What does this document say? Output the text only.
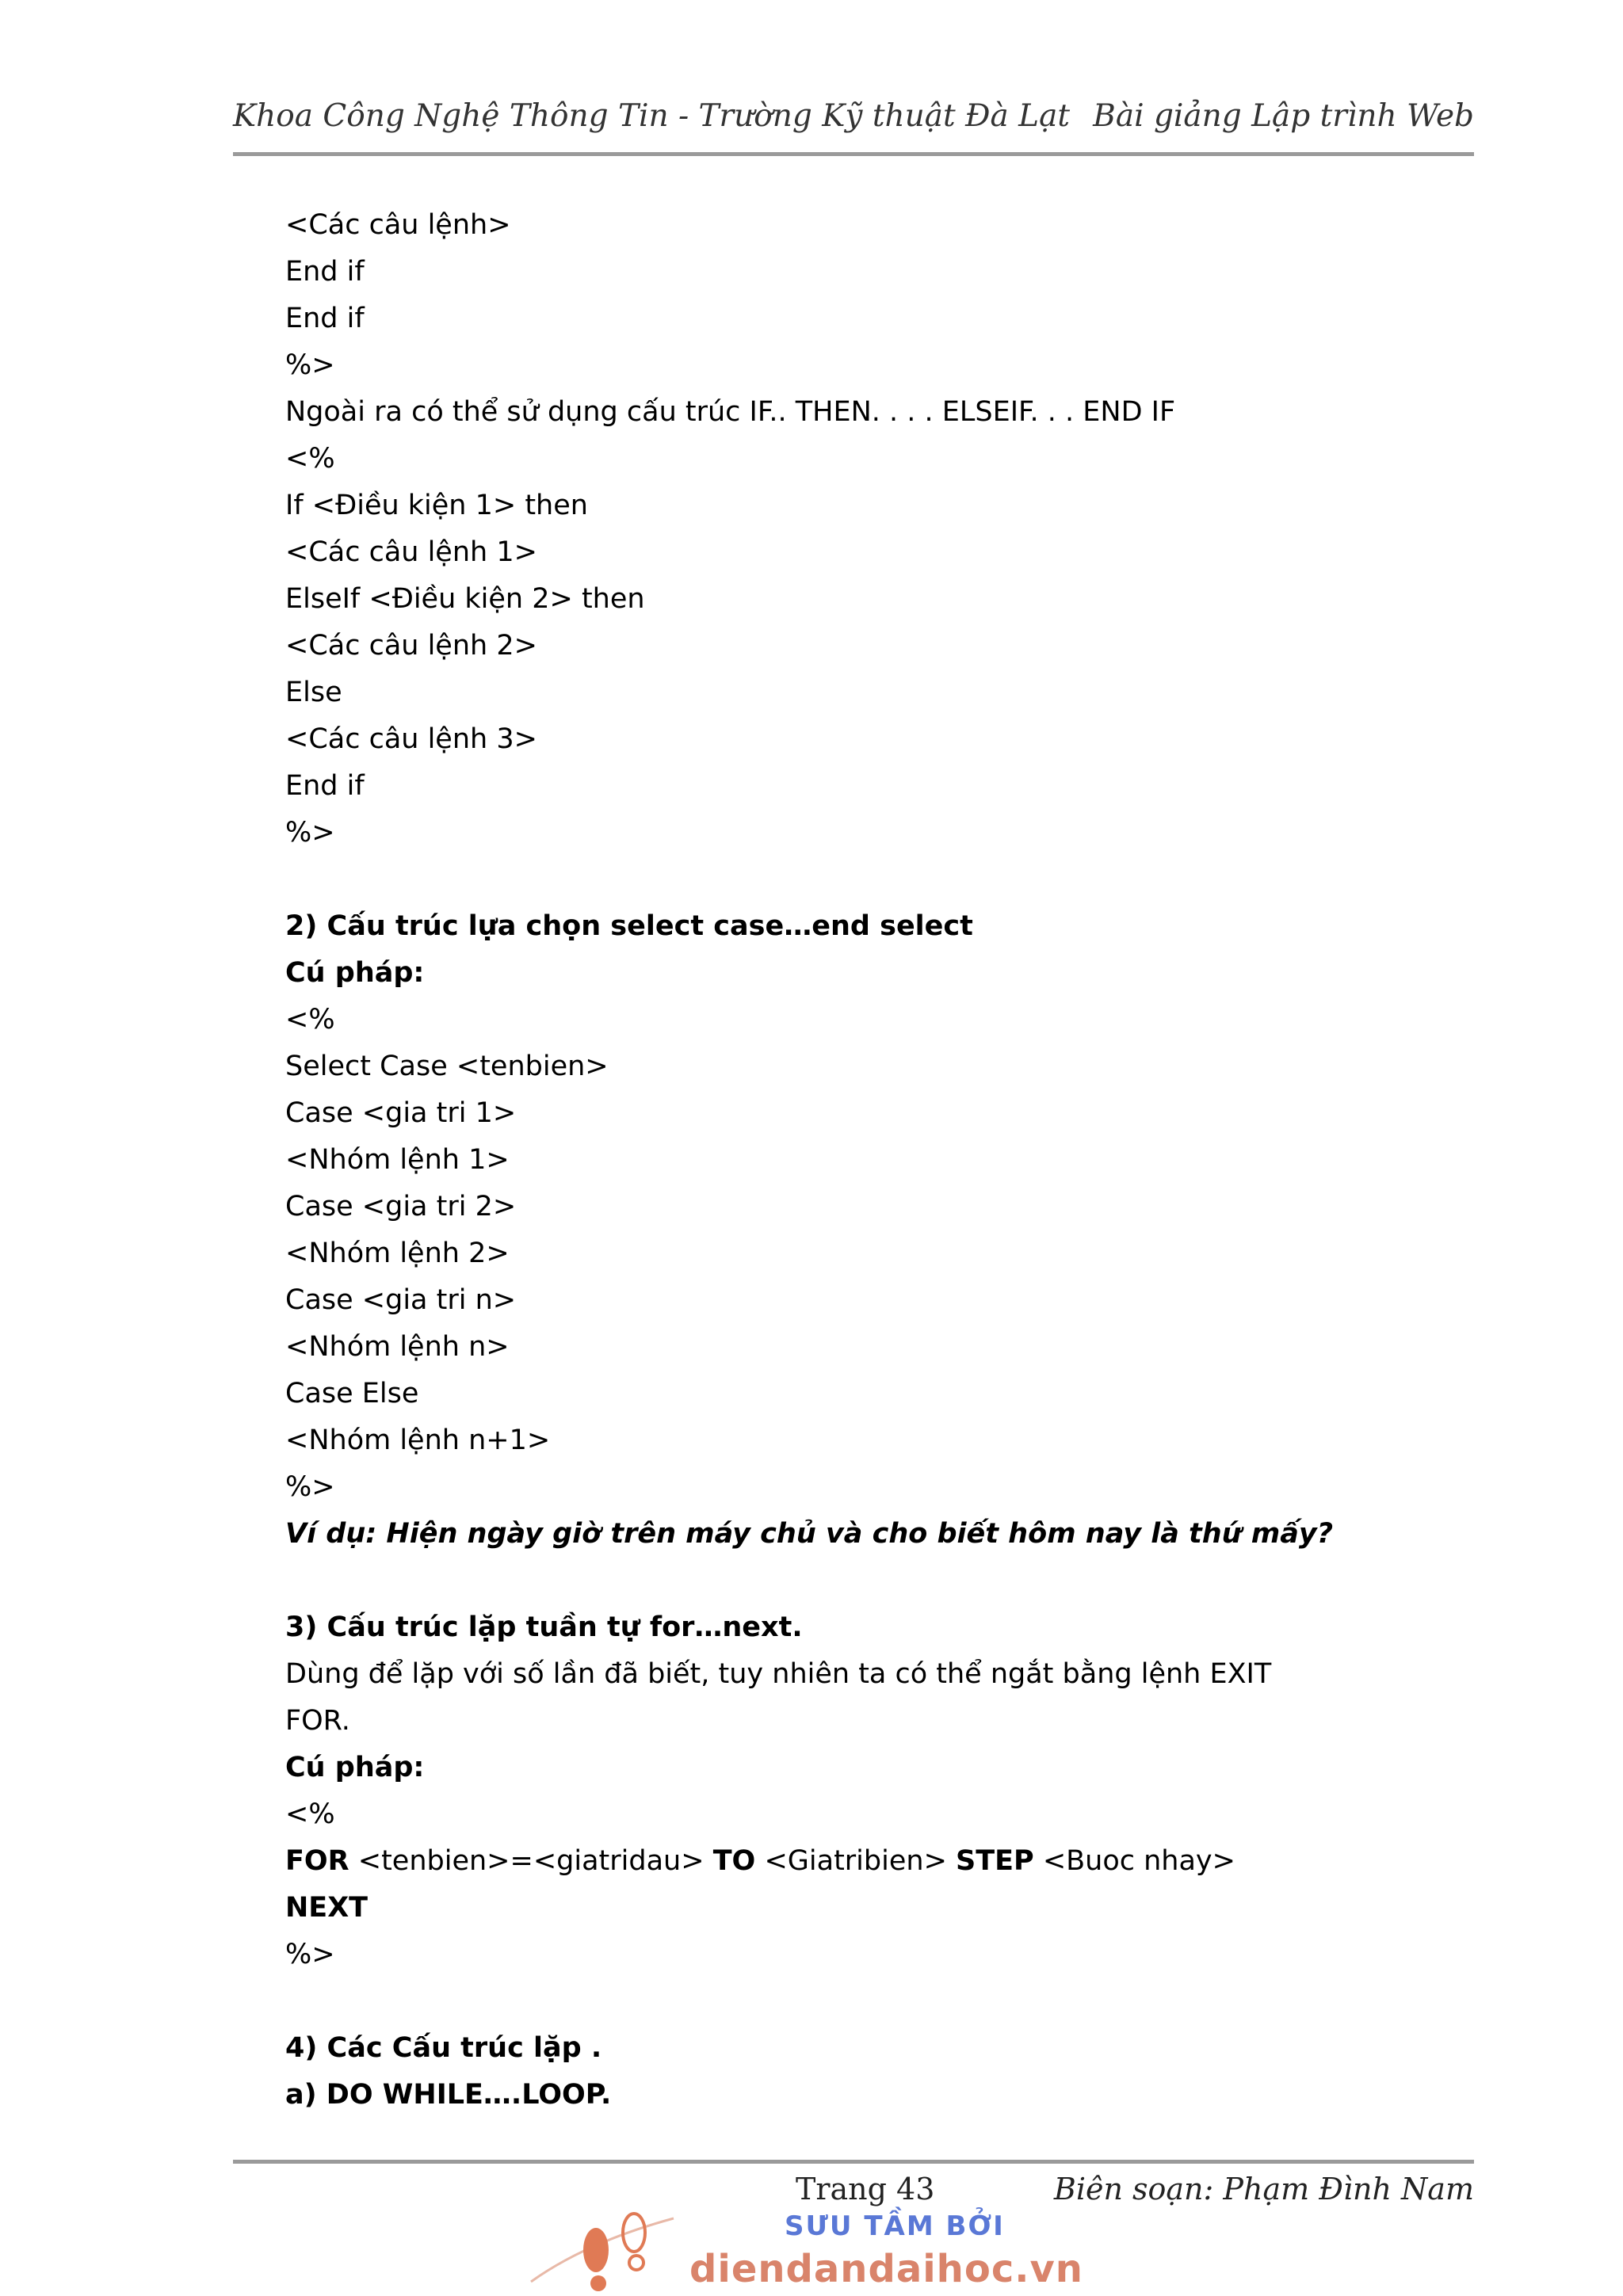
Khoa Công Nghệ Thông Tin - Trường Kỹ thuật Đà Lạt Bài giảng Lập trình Web
<Các câu lệnh>
End if
End if
%>
Ngoài ra có thể sử dụng cấu trúc IF.. THEN. . . . ELSEIF. . . END IF
<%
If <Điều kiện 1> then
<Các câu lệnh 1>
ElseIf <Điều kiện 2> then
<Các câu lệnh 2>
Else
<Các câu lệnh 3>
End if
%>
2) Cấu trúc lựa chọn select case…end select
Cú pháp:
<%
Select Case <tenbien>
Case <gia tri 1>
<Nhóm lệnh 1>
Case <gia tri 2>
<Nhóm lệnh 2>
Case <gia tri n>
<Nhóm lệnh n>
Case Else
<Nhóm lệnh n+1>
%>
Ví dụ: Hiện ngày giờ trên máy chủ và cho biết hôm nay là thứ mấy?
3) Cấu trúc lặp tuần tự for…next.
Dùng để lặp với số lần đã biết, tuy nhiên ta có thể ngắt bằng lệnh EXIT
FOR.
Cú pháp:
<%
FOR <tenbien>=<giatridau> TO <Giatribien> STEP <Buoc nhay>
NEXT
%>
4) Các Cấu trúc lặp .
a) DO WHILE….LOOP.
Trang 43	Biên soạn: Phạm Đình Nam
SƯU TẦM BỞI
diendandaihoc.vn
